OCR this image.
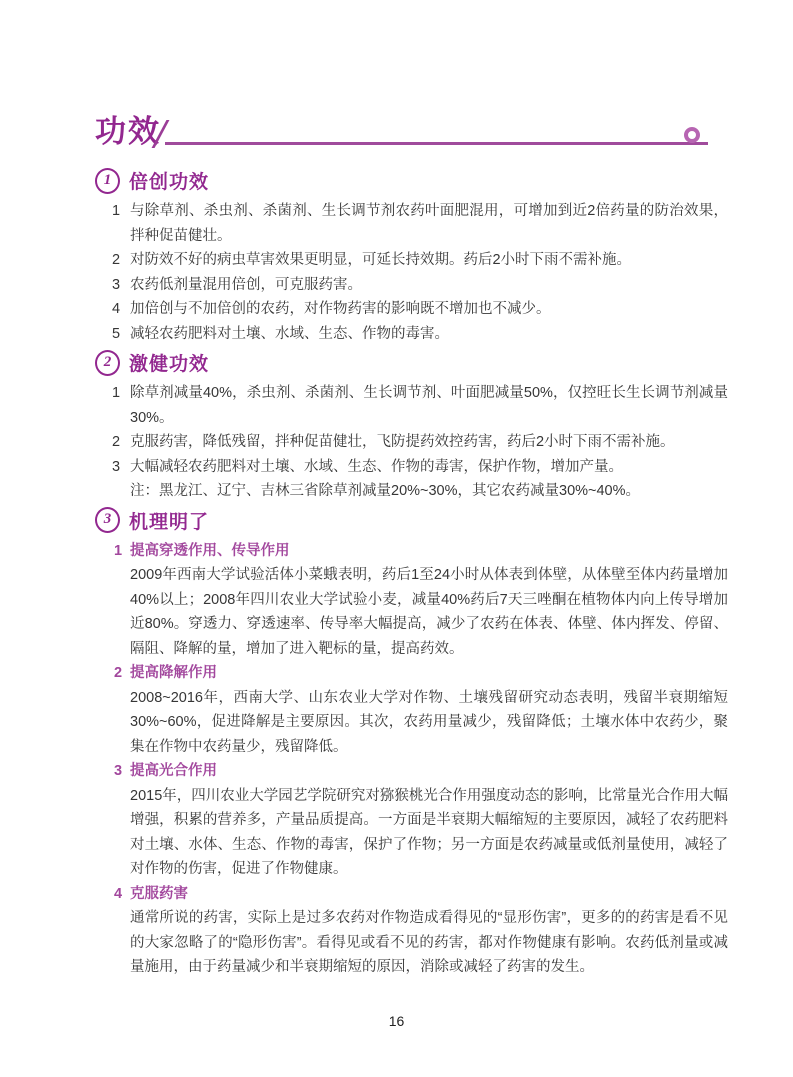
功效
1 倍创功效
1 与除草剂、杀虫剂、杀菌剂、生长调节剂农药叶面肥混用，可增加到近2倍药量的防治效果，拌种促苗健壮。
2 对防效不好的病虫草害效果更明显，可延长持效期。药后2小时下雨不需补施。
3 农药低剂量混用倍创，可克服药害。
4 加倍创与不加倍创的农药，对作物药害的影响既不增加也不减少。
5 减轻农药肥料对土壤、水域、生态、作物的毒害。
2 激健功效
1 除草剂减量40%，杀虫剂、杀菌剂、生长调节剂、叶面肥减量50%，仅控旺长生长调节剂减量30%。
2 克服药害，降低残留，拌种促苗健壮，飞防提药效控药害，药后2小时下雨不需补施。
3 大幅减轻农药肥料对土壤、水域、生态、作物的毒害，保护作物，增加产量。
注：黑龙江、辽宁、吉林三省除草剂减量20%~30%，其它农药减量30%~40%。
3 机理明了
1 提高穿透作用、传导作用

2009年西南大学试验活体小菜蛾表明，药后1至24小时从体表到体壁，从体壁至体内药量增加40%以上；2008年四川农业大学试验小麦，减量40%药后7天三唑酮在植物体内向上传导增加近80%。穿透力、穿透速率、传导率大幅提高，减少了农药在体表、体壁、体内挥发、停留、隔阻、降解的量，增加了进入靶标的量，提高药效。

2 提高降解作用

2008~2016年，西南大学、山东农业大学对作物、土壤残留研究动态表明，残留半衰期缩短30%~60%，促进降解是主要原因。其次，农药用量减少，残留降低；土壤水体中农药少，聚集在作物中农药量少，残留降低。

3 提高光合作用

2015年，四川农业大学园艺学院研究对猕猴桃光合作用强度动态的影响，比常量光合作用大幅增强，积累的营养多，产量品质提高。一方面是半衰期大幅缩短的主要原因，减轻了农药肥料对土壤、水体、生态、作物的毒害，保护了作物；另一方面是农药减量或低剂量使用，减轻了对作物的伤害，促进了作物健康。

4 克服药害

通常所说的药害，实际上是过多农药对作物造成看得见的“显形伤害”，更多的的药害是看不见的大家忽略了的“隐形伤害”。看得见或看不见的药害，都对作物健康有影响。农药低剂量或减量施用，由于药量减少和半衰期缩短的原因，消除或减轻了药害的发生。

16
